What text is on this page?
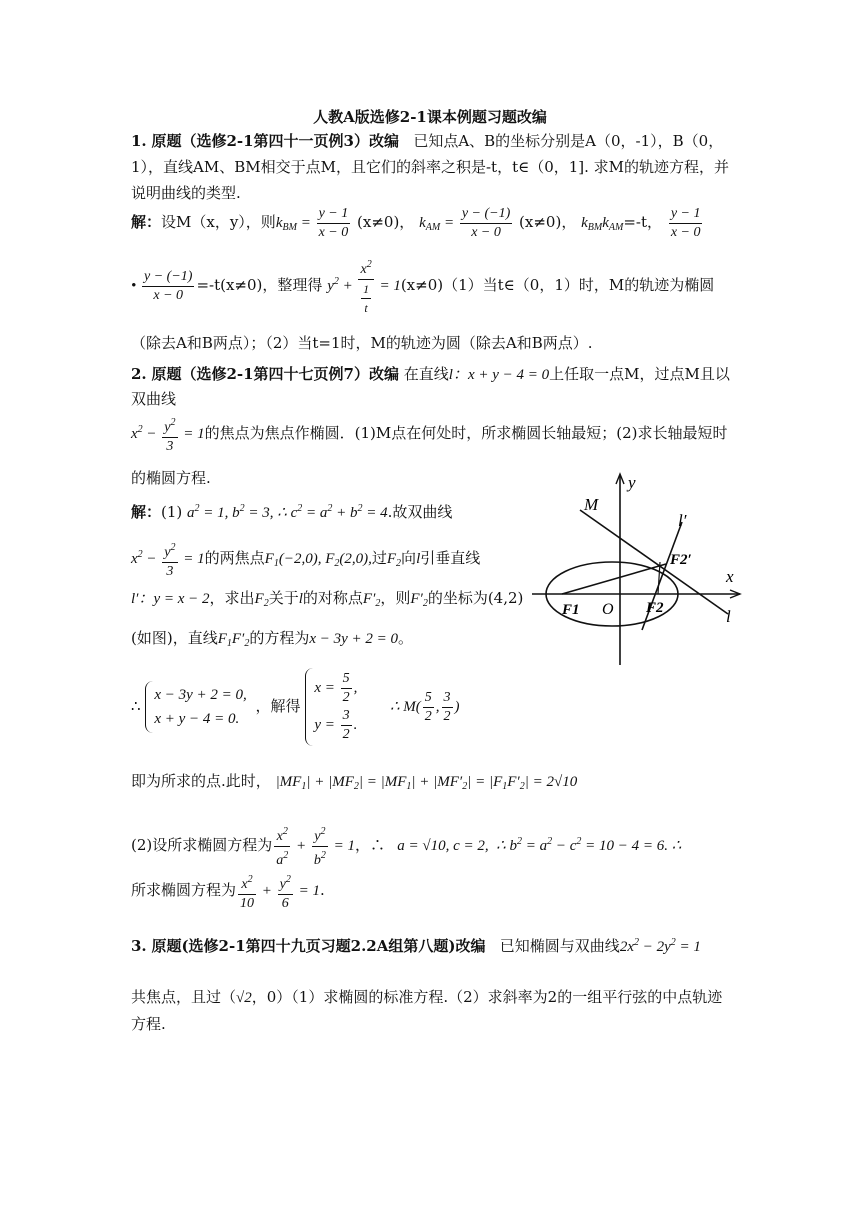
人教A版选修2-1课本例题习题改编
1. 原题（选修2-1第四十一页例3）改编 已知点A、B的坐标分别是A（0，-1），B（0，1），直线AM、BM相交于点M，且它们的斜率之积是-t，t∈（0，1]. 求M的轨迹方程，并说明曲线的类型.
解：设M（x，y），则$k_{BM} = \frac{y - 1}{x - 0} (x\ne 0)$， $k_{AM} = \frac{y - (-1)}{x - 0} (x\ne 0)$， $k_{BM}k_{AM}=-t$， $\frac{y - 1}{x - 0}$
• $\frac{y - (-1)}{x - 0} =-t(x\ne 0)$，整理得 $y^2 + \frac{x^2}{\frac{1}{t}} = 1(x\ne 0)(1)$当t∈（0，1）时，M的轨迹为椭圆（除去A和B两点）；（2）当t=1时，M的轨迹为圆（除去A和B两点）.
2. 原题（选修2-1第四十七页例7）改编 在直线l：x + y − 4 = 0上任取一点M，过点M且以双曲线
$x^2 - \frac{y^2}{3} = 1$的焦点为焦点作椭圆．(1)M点在何处时，所求椭圆长轴最短；(2)求长轴最短时的椭圆方程.
解：(1) $a^2 = 1$, $b^2 = 3$, ∴ $c^2 = a^2 + b^2 = 4$.故双曲线
$x^2 - \frac{y^2}{3} = 1$的两焦点$F_1(-2,0)$, $F_2(2,0)$,过$F_2$向l引垂直线l′：y = x − 2，求出$F_2$关于l的对称点$F'_2$，则$F'_2$的坐标为(4,2)(如图)，直线$F_1F'_2$的方程为x − 3y + 2 = 0。
∴ x − 3y + 2 = 0,
x + y − 4 = 0. ，解得 $x = \frac{5}{2}$ ,
$y = \frac{3}{2}$ .      ∴ $M( \frac{5}{2}$ , $\frac{3}{2}$ )
即为所求的点.此时， $|MF_1| + |MF_2| = |MF_1| + |MF'_2| = |F_1F'_2| = 2√10$
(2)设所求椭圆方程为 $\frac{x^2}{a^2} + \frac{y^2}{b^2} = 1$，∴   a = √10, c = 2,  ∴ $b^2 = a^2 - c^2 = 10 - 4 = 6$. ∴
所求椭圆方程为 $\frac{x^2}{10} + \frac{y^2}{6} = 1$.
3. 原题(选修2-1第四十九页习题2.2A组第八题)改编 已知椭圆与双曲线$2x^2 - 2y^2 = 1$
共焦点，且过（√2，0）（1）求椭圆的标准方程.（2）求斜率为2的一组平行弦的中点轨迹方程.
M
y
l′
F2′
x
F1 O F2	l
